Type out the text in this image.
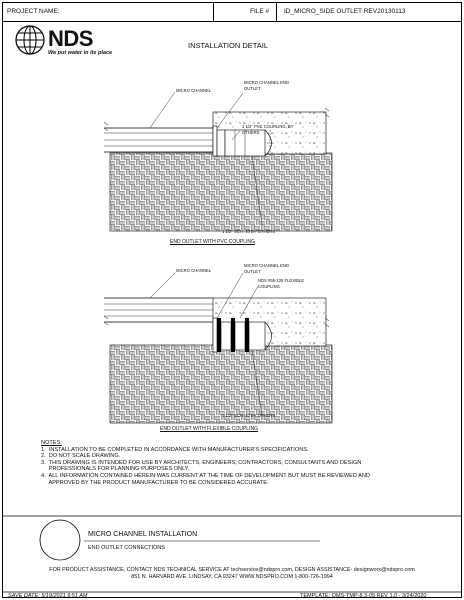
PROJECT NAME:	FILE # ID_MICRO_SIDE OUTLET REV20130113
NDS
We put water in its place
INSTALLATION DETAIL
MICRO CHANNEL
MICRO CHANNEL END
OUTLET
1 1/2" PVC COUPLING, BY
OTHERS
1 1/2" SCH. 40 BY OTHERS
END OUTLET WITH PVC COUPLING
MICRO CHANNEL
MICRO CHANNEL END
OUTLET
NDS #55-125 FLEXIBLE
COUPLING
1 1/2" SCH. 40 BY OTHERS
END OUTLET WITH FLEXIBLE COUPLING
NOTES:
1.  INSTALLATION TO BE COMPLETED IN ACCORDANCE WITH MANUFACTURER'S SPECIFICATIONS.
2.  DO NOT SCALE DRAWING.
3.  THIS DRAWING IS INTENDED FOR USE BY ARCHITECTS, ENGINEERS, CONTRACTORS, CONSULTANTS AND DESIGN
PROFESSIONALS FOR PLANNING PURPOSES ONLY.
4.  ALL INFORMATION CONTAINED HEREIN WAS CURRENT AT THE TIME OF DEVELOPMENT BUT MUST BE REVIEWED AND
APPROVED BY THE PRODUCT MANUFACTURER TO BE CONSIDERED ACCURATE.
MICRO CHANNEL INSTALLATION
END OUTLET CONNECTIONS
FOR PRODUCT ASSISTANCE, CONTACT NDS TECHNICAL SERVICE AT techservice@ndspro.com, DESIGN ASSISTANCE- designworx@ndspro.com
851 N. HARVARD AVE. LINDSAY, CA 93247 WWW.NDSPRO.COM 1-800-726-1994
SAVE DATE: 5/19/2021 9:51 AM	TEMPLATE: QMS-TMP-8.3-05 REV 1.0 - 3/24/2020
